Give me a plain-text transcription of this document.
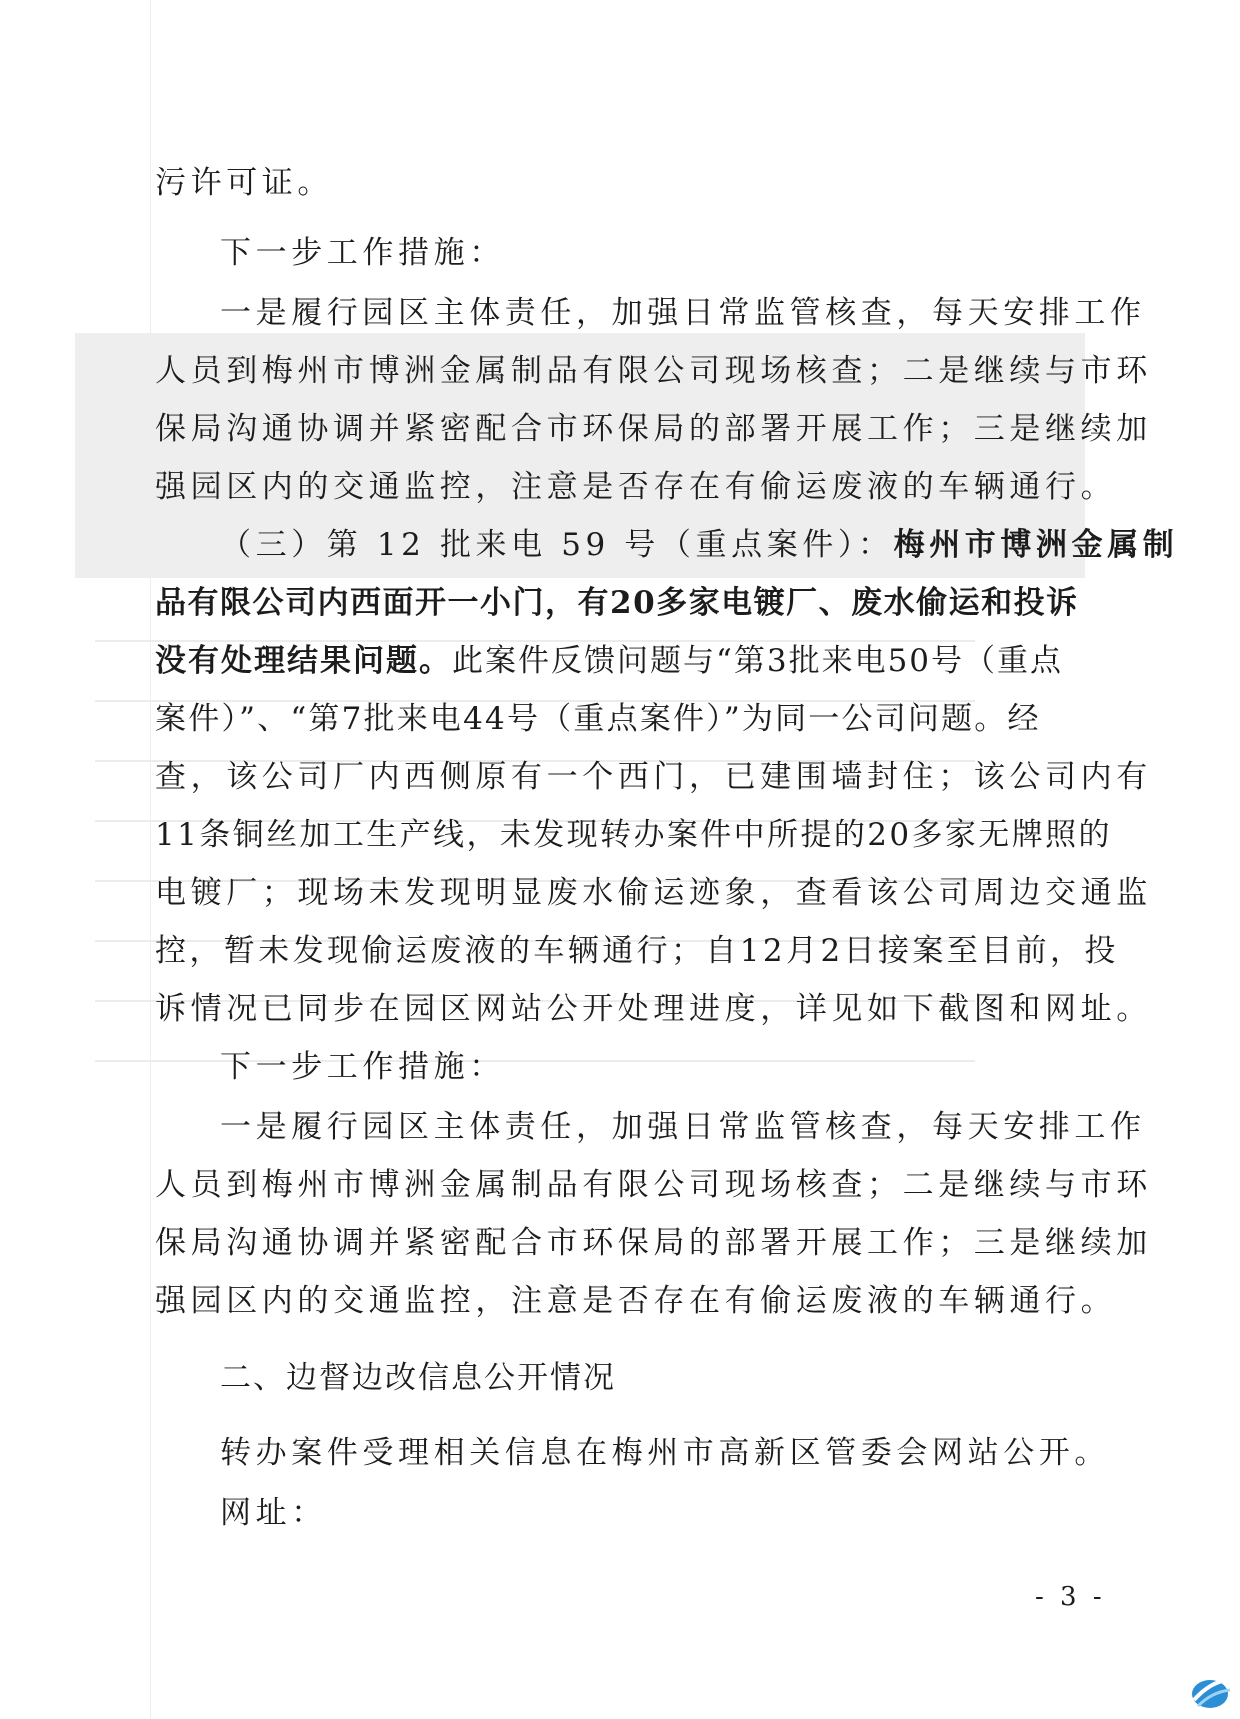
污许可证。
下一步工作措施：
一是履行园区主体责任，加强日常监管核查，每天安排工作
人员到梅州市博洲金属制品有限公司现场核查；二是继续与市环
保局沟通协调并紧密配合市环保局的部署开展工作；三是继续加
强园区内的交通监控，注意是否存在有偷运废液的车辆通行。
（三）第 12 批来电 59 号（重点案件）：梅州市博洲金属制
品有限公司内西面开一小门，有20多家电镀厂、废水偷运和投诉
没有处理结果问题。此案件反馈问题与“第3批来电50号（重点
案件）”、“第7批来电44号（重点案件）”为同一公司问题。经
查，该公司厂内西侧原有一个西门，已建围墙封住；该公司内有
11条铜丝加工生产线，未发现转办案件中所提的20多家无牌照的
电镀厂；现场未发现明显废水偷运迹象，查看该公司周边交通监
控，暂未发现偷运废液的车辆通行；自12月2日接案至目前，投
诉情况已同步在园区网站公开处理进度，详见如下截图和网址。
下一步工作措施：
一是履行园区主体责任，加强日常监管核查，每天安排工作
人员到梅州市博洲金属制品有限公司现场核查；二是继续与市环
保局沟通协调并紧密配合市环保局的部署开展工作；三是继续加
强园区内的交通监控，注意是否存在有偷运废液的车辆通行。
二、边督边改信息公开情况
转办案件受理相关信息在梅州市高新区管委会网站公开。
网址：
- 3 -
